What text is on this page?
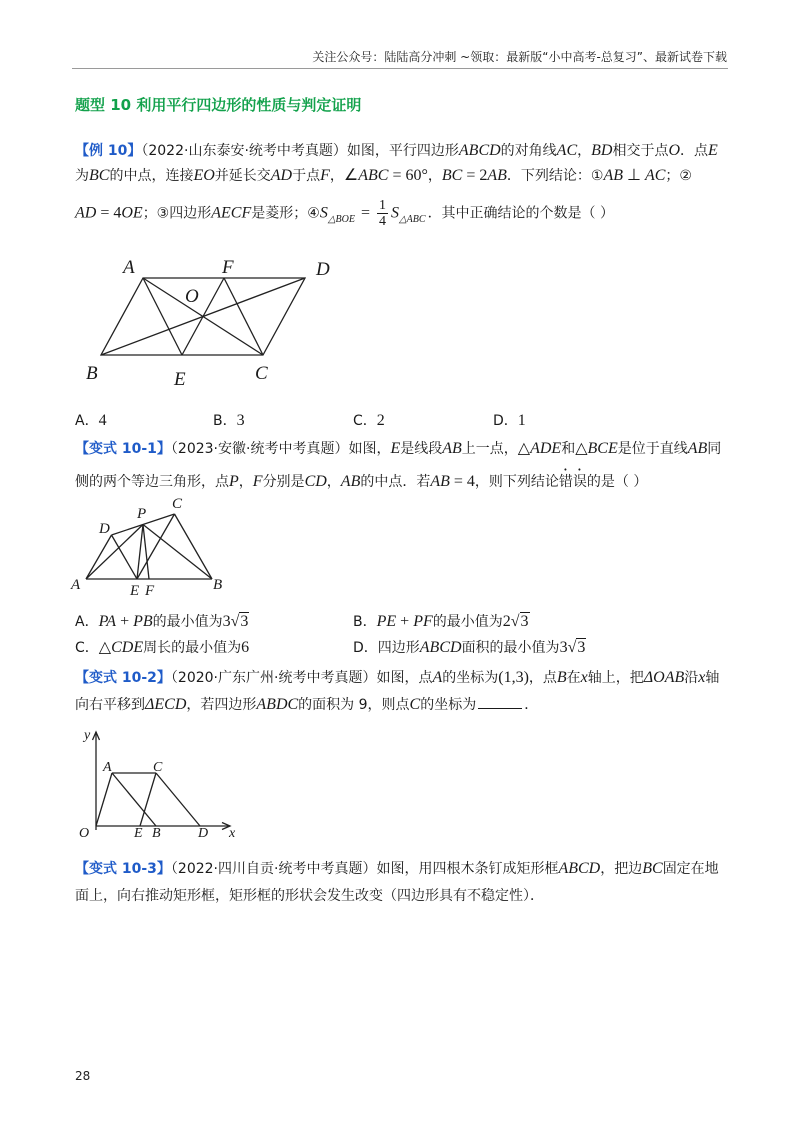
关注公众号：陆陆高分冲刺 ~领取：最新版“小中高考-总复习”、最新试卷下载
题型 10 利用平行四边形的性质与判定证明
【例 10】（2022·山东泰安·统考中考真题）如图，平行四边形ABCD的对角线AC，BD相交于点O．点E
为BC的中点，连接EO并延长交AD于点F，∠ABC = 60°，BC = 2AB．下列结论：①AB ⊥ AC；②
AD = 4OE；③四边形AECF是菱形；$④S_{\triangle BOE} = \frac{1}{4} S_{\triangle ABC}$ ．其中正确结论的个数是（ ）
A．4	B．3	C．2	D．1
【变式 10-1】（2023·安徽·统考中考真题）如图，E是线段AB上一点，△ADE和△BCE是位于直线AB同
侧的两个等边三角形，点P，F分别是CD，AB的中点．若AB = 4，则下列结论错误的是（ ）
A．PA + PB的最小值为3 √ 3	B．PE + PF的最小值为2 √ 3
C．△CDE周长的最小值为6	D．四边形ABCD面积的最小值为3 √ 3
【变式 10-2】（2020·广东广州·统考中考真题）如图，点A的坐标为(1,3)，点B在x轴上，把ΔOAB沿x轴
向右平移到ΔECD，若四边形ABDC的面积为 9，则点C的坐标为	．
【变式 10-3】（2022·四川自贡·统考中考真题）如图，用四根木条钉成矩形框ABCD，把边BC固定在地
面上，向右推动矩形框，矩形框的形状会发生改变（四边形具有不稳定性）．
28
A	F	D
O
B	E	C
C
D
P
A	E F	B
y
A	C
O	E B	D x
